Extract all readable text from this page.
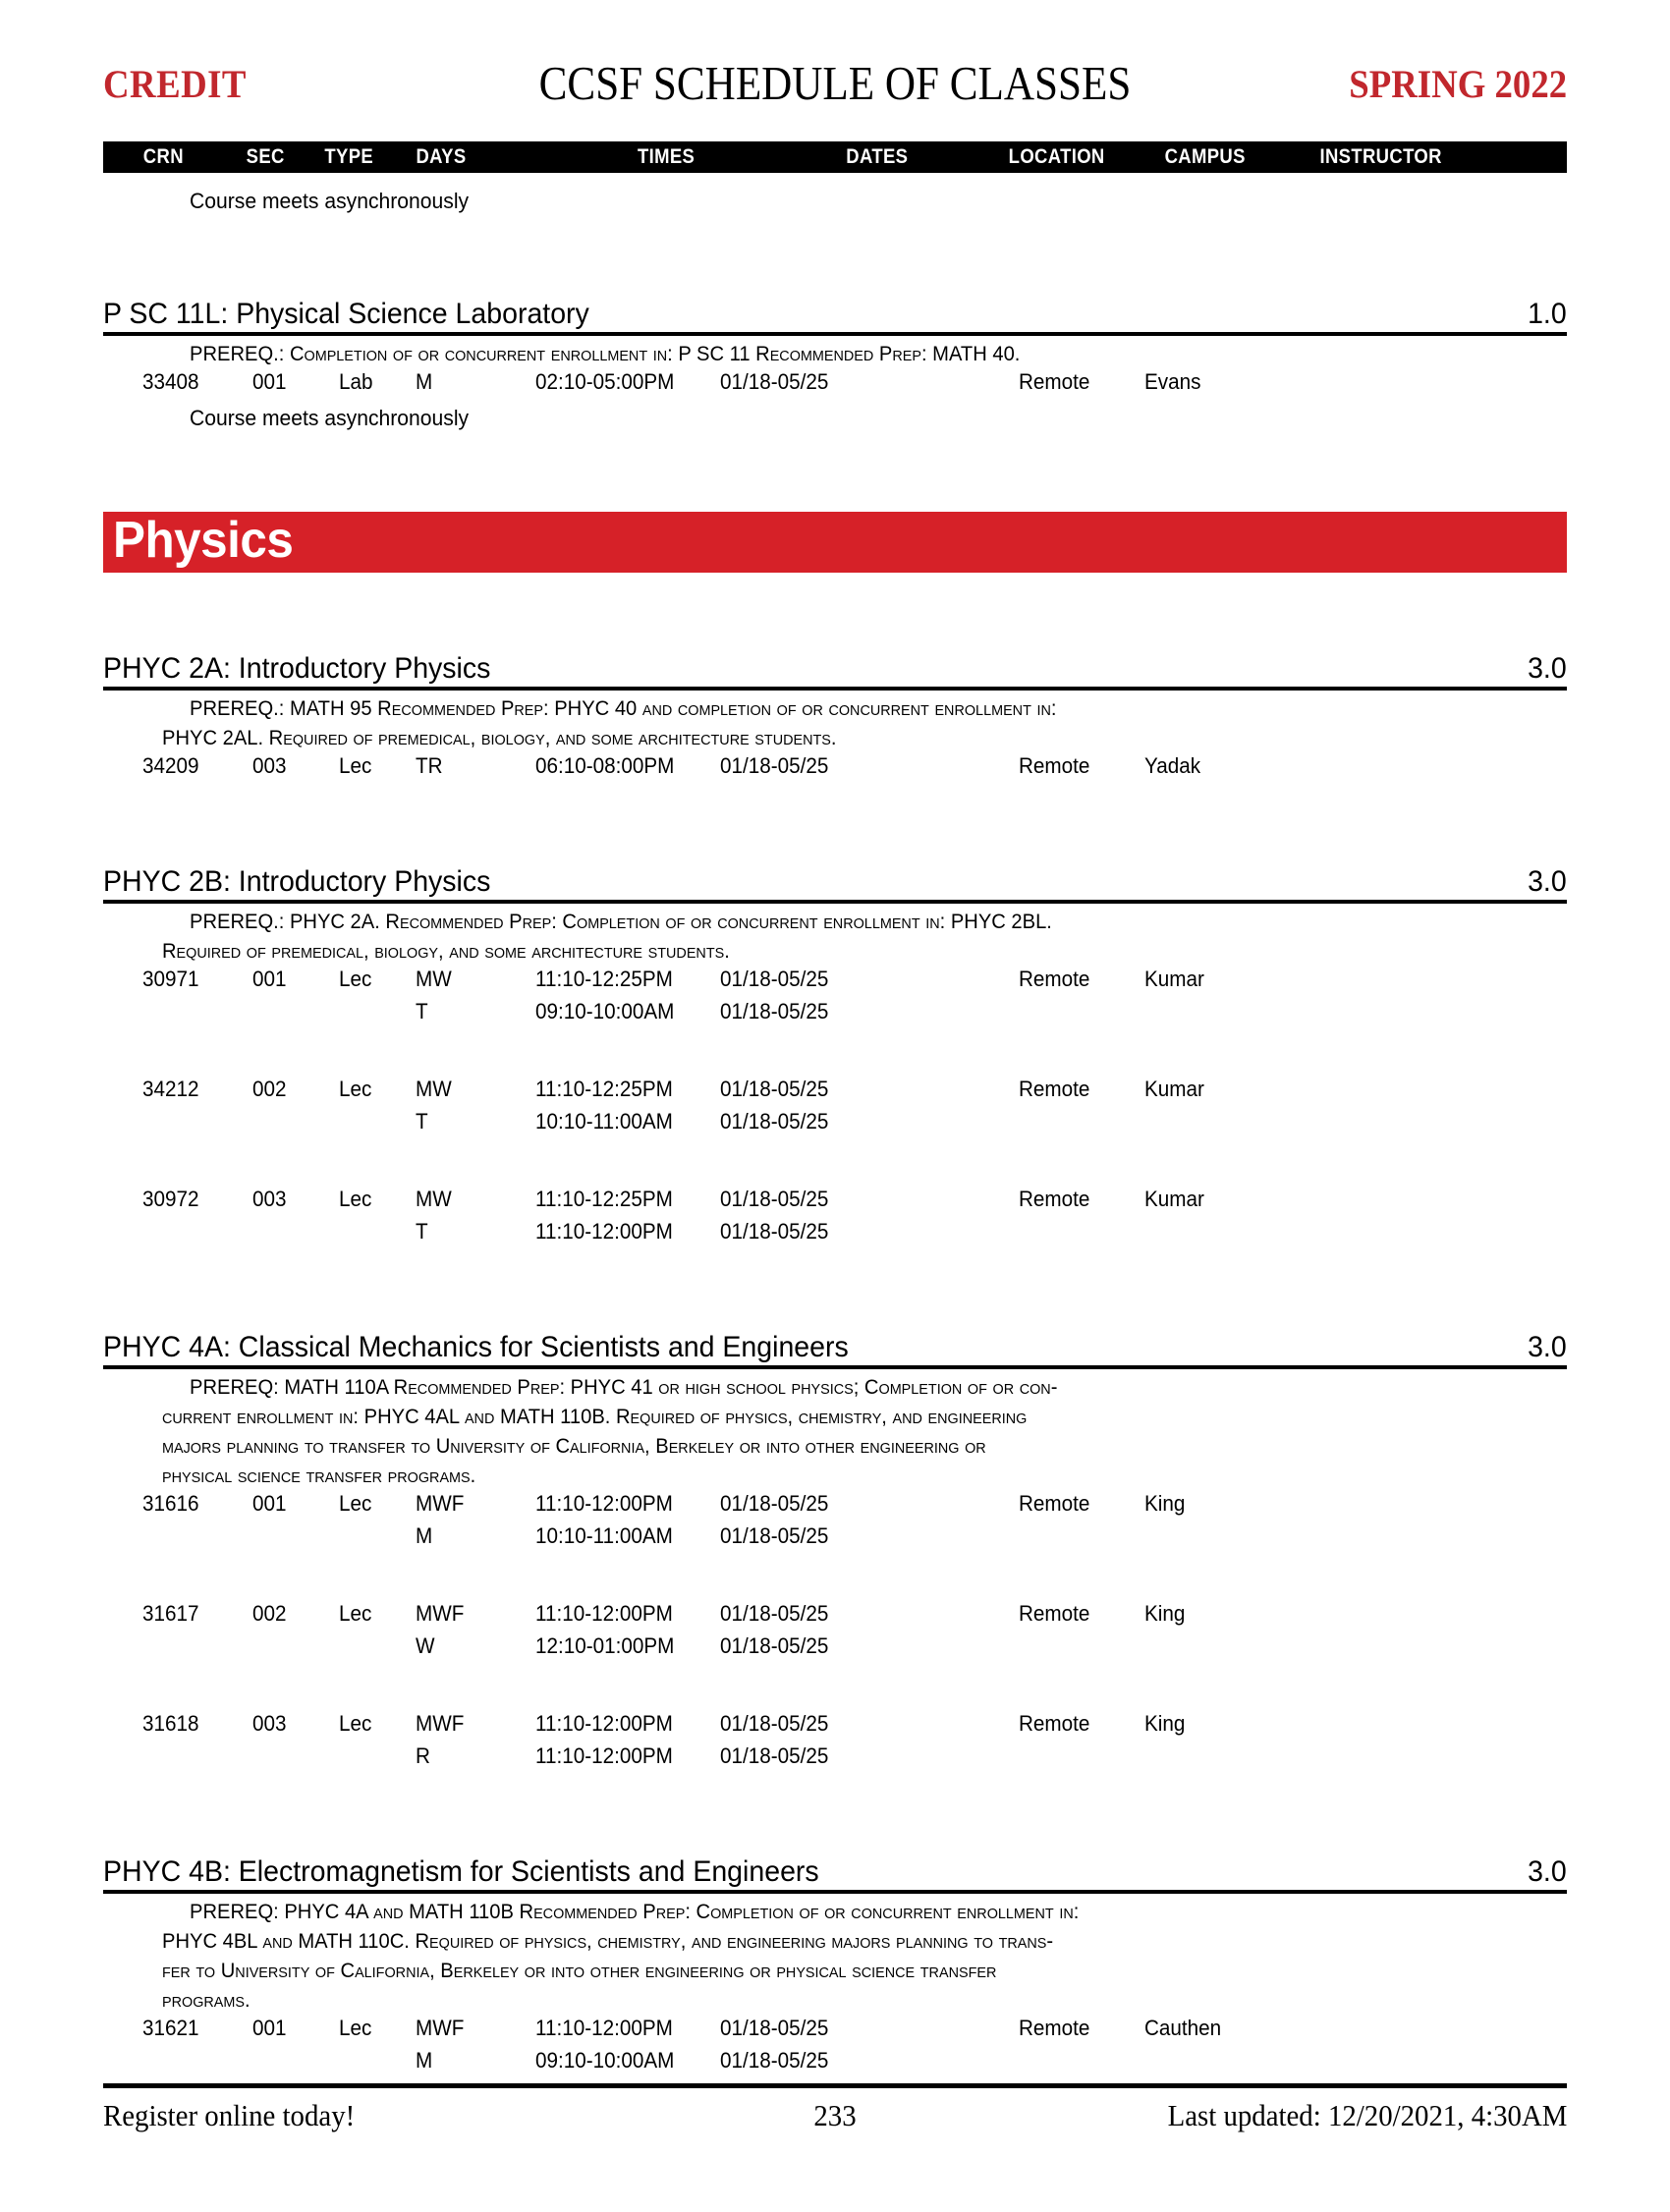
CREDIT	CCSF SCHEDULE OF CLASSES	SPRING 2022
CRN	SEC TYPE DAYS	TIMES	DATES	LOCATION	CAMPUS	INSTRUCTOR
Course meets asynchronously
P SC 11L: Physical Science Laboratory	1.0
PREREQ.: Completion of or concurrent enrollment in: P SC 11 Recommended Prep: MATH 40.
33408 001 Lab M	02:10-05:00PM 01/18-05/25	Remote	Evans
Course meets asynchronously
Physics
PHYC 2A: Introductory Physics	3.0
PREREQ.: MATH 95 Recommended Prep: PHYC 40 and completion of or concurrent enrollment in:
PHYC 2AL. Required of premedical, biology, and some architecture students.
34209 003 Lec TR	06:10-08:00PM 01/18-05/25	Remote	Yadak
PHYC 2B: Introductory Physics	3.0
PREREQ.: PHYC 2A. Recommended Prep: Completion of or concurrent enrollment in: PHYC 2BL.
Required of premedical, biology, and some architecture students.
30971 001 Lec MW	11:10-12:25PM 01/18-05/25	Remote	Kumar
T	09:10-10:00AM 01/18-05/25
34212 002 Lec MW	11:10-12:25PM 01/18-05/25	Remote	Kumar
T	10:10-11:00AM 01/18-05/25
30972 003 Lec MW	11:10-12:25PM 01/18-05/25	Remote	Kumar
T	11:10-12:00PM 01/18-05/25
PHYC 4A: Classical Mechanics for Scientists and Engineers	3.0
PREREQ: MATH 110A Recommended Prep: PHYC 41 or high school physics; Completion of or con-
current enrollment in: PHYC 4AL and MATH 110B. Required of physics, chemistry, and engineering
majors planning to transfer to University of California, Berkeley or into other engineering or
physical science transfer programs.
31616 001 Lec MWF	11:10-12:00PM 01/18-05/25	Remote	King
M	10:10-11:00AM 01/18-05/25
31617 002 Lec MWF	11:10-12:00PM 01/18-05/25	Remote	King
W	12:10-01:00PM 01/18-05/25
31618 003 Lec MWF	11:10-12:00PM 01/18-05/25	Remote	King
R	11:10-12:00PM 01/18-05/25
PHYC 4B: Electromagnetism for Scientists and Engineers	3.0
PREREQ: PHYC 4A and MATH 110B Recommended Prep: Completion of or concurrent enrollment in:
PHYC 4BL and MATH 110C. Required of physics, chemistry, and engineering majors planning to trans-
fer to University of California, Berkeley or into other engineering or physical science transfer
programs.
31621 001 Lec MWF	11:10-12:00PM 01/18-05/25	Remote	Cauthen
M	09:10-10:00AM 01/18-05/25
Register online today!	233	Last updated: 12/20/2021, 4:30AM
